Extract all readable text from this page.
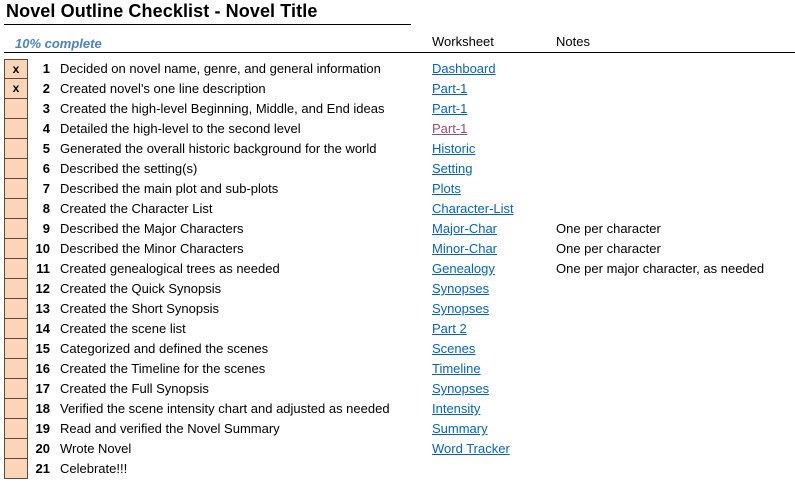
Novel Outline Checklist - Novel Title
10% complete	Worksheet	Notes
x	1 Decided on novel name, genre, and general information	Dashboard
x	2 Created novel's one line description	Part-1
3 Created the high-level Beginning, Middle, and End ideas	Part-1
4 Detailed the high-level to the second level	Part-1
5 Generated the overall historic background for the world	Historic
6 Described the setting(s)	Setting
7 Described the main plot and sub-plots	Plots
8 Created the Character List	Character-List
9 Described the Major Characters	Major-Char	One per character
10 Described the Minor Characters	Minor-Char	One per character
11 Created genealogical trees as needed	Genealogy	One per major character, as needed
12 Created the Quick Synopsis	Synopses
13 Created the Short Synopsis	Synopses
14 Created the scene list	Part 2
15 Categorized and defined the scenes	Scenes
16 Created the Timeline for the scenes	Timeline
17 Created the Full Synopsis	Synopses
18 Verified the scene intensity chart and adjusted as needed	Intensity
19 Read and verified the Novel Summary	Summary
20 Wrote Novel	Word Tracker
21 Celebrate!!!
